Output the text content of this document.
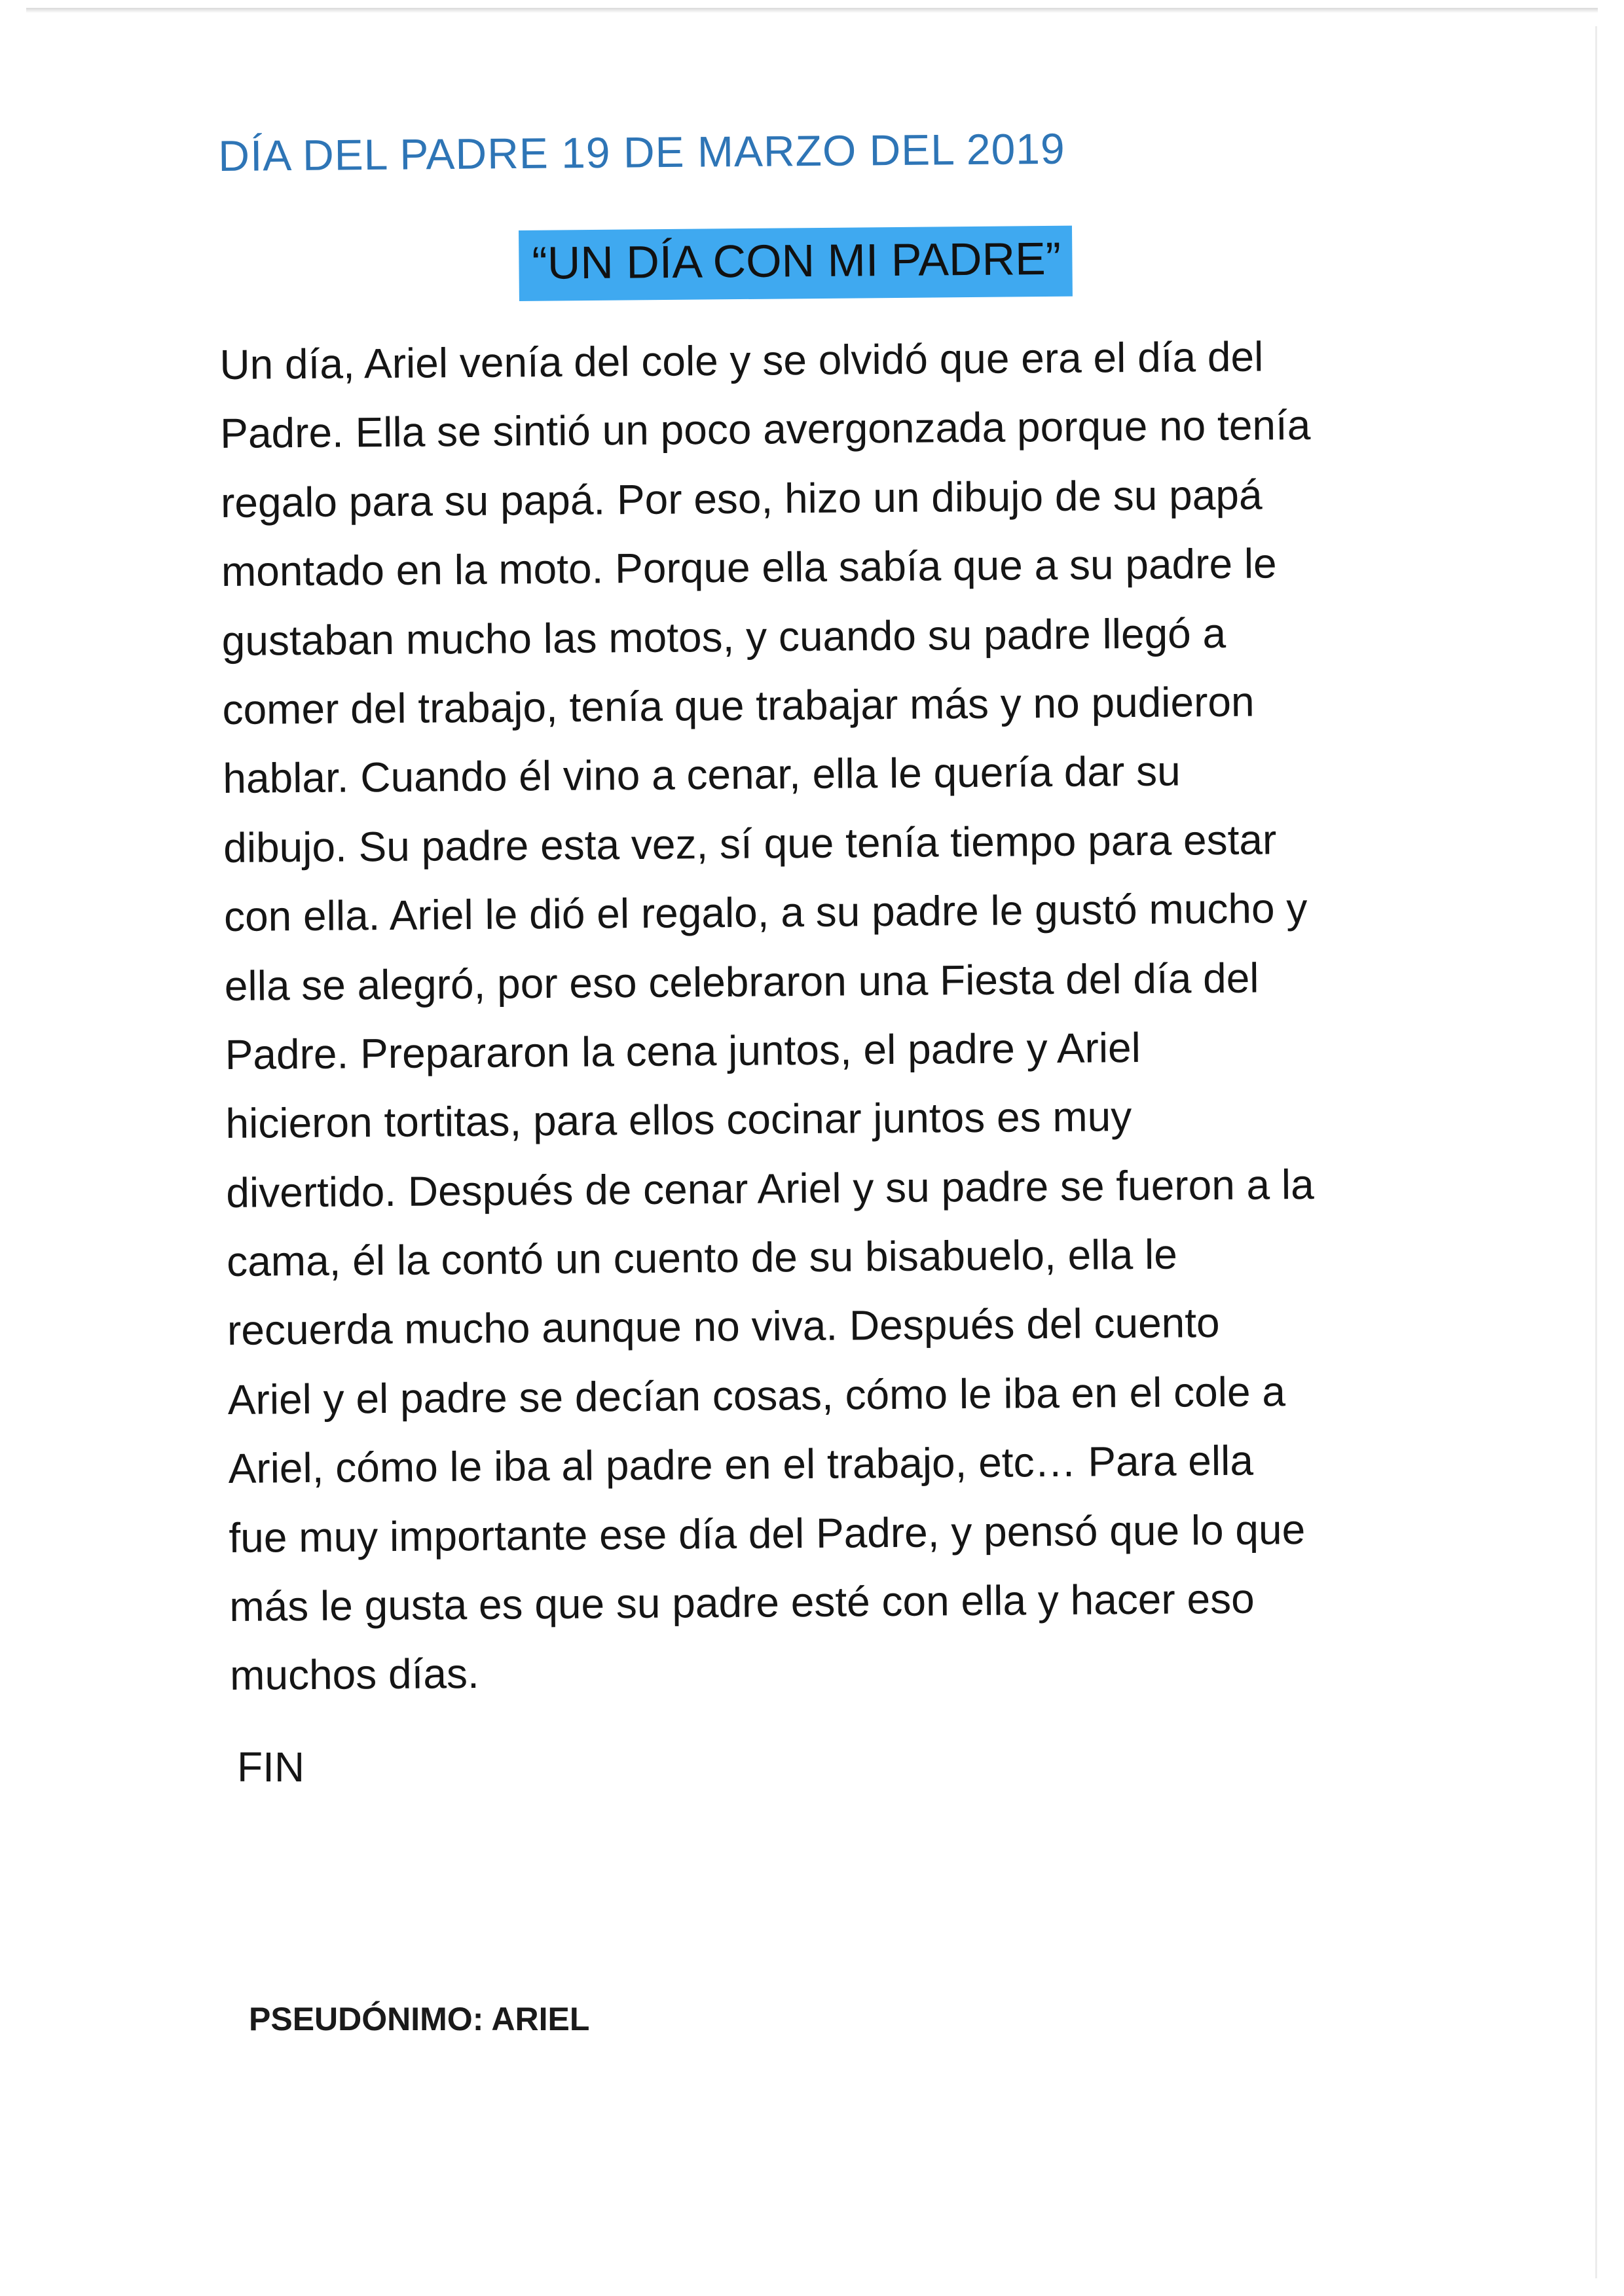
DÍA DEL PADRE 19 DE MARZO DEL 2019
“UN DÍA CON MI PADRE”
Un día, Ariel venía del cole y se olvidó que era el día del
Padre. Ella se sintió un poco avergonzada porque no tenía
regalo para su papá. Por eso, hizo un dibujo de su papá
montado en la moto. Porque ella sabía que a su padre le
gustaban mucho las motos, y cuando su padre llegó a
comer del trabajo, tenía que trabajar más y no pudieron
hablar. Cuando él vino a cenar, ella le quería dar su
dibujo. Su padre esta vez, sí que tenía tiempo para estar
con ella. Ariel le dió el regalo, a su padre le gustó mucho y
ella se alegró, por eso celebraron una Fiesta del día del
Padre. Prepararon la cena juntos, el padre y Ariel
hicieron tortitas, para ellos cocinar juntos es muy
divertido. Después de cenar Ariel y su padre se fueron a la
cama, él la contó un cuento de su bisabuelo, ella le
recuerda mucho aunque no viva. Después del cuento
Ariel y el padre se decían cosas, cómo le iba en el cole a
Ariel, cómo le iba al padre en el trabajo, etc… Para ella
fue muy importante ese día del Padre, y pensó que lo que
más le gusta es que su padre esté con ella y hacer eso
muchos días.

FIN

PSEUDÓNIMO: ARIEL
